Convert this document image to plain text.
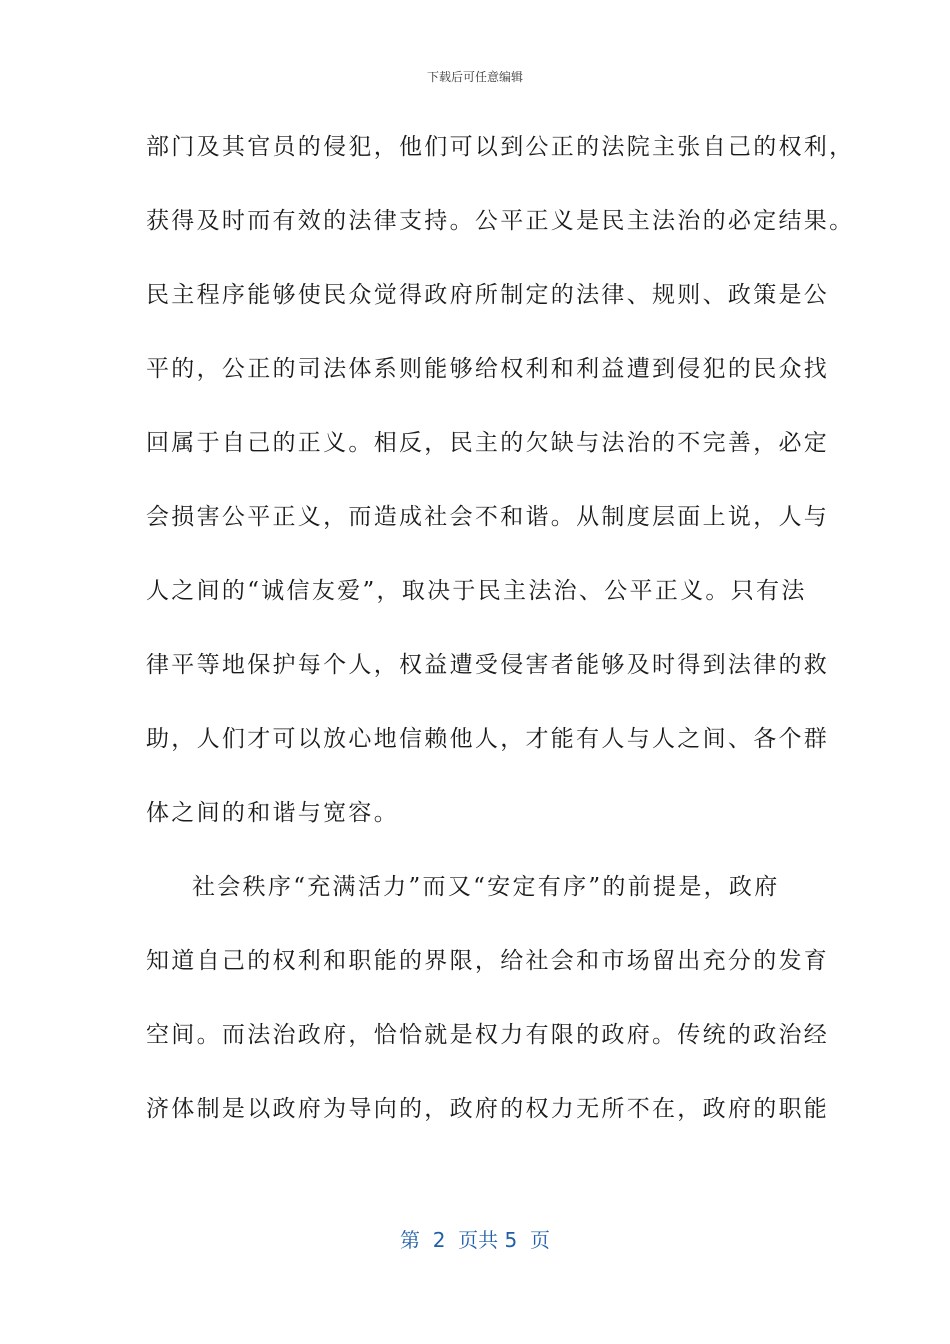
下载后可任意编辑
部门及其官员的侵犯，他们可以到公正的法院主张自己的权利，
获得及时而有效的法律支持。公平正义是民主法治的必定结果。
民主程序能够使民众觉得政府所制定的法律、规则、政策是公
平的，公正的司法体系则能够给权利和利益遭到侵犯的民众找
回属于自己的正义。相反，民主的欠缺与法治的不完善，必定
会损害公平正义，而造成社会不和谐。从制度层面上说，人与
人之间的“诚信友爱”，取决于民主法治、公平正义。只有法
律平等地保护每个人，权益遭受侵害者能够及时得到法律的救
助，人们才可以放心地信赖他人，才能有人与人之间、各个群
体之间的和谐与宽容。
社会秩序“充满活力”而又“安定有序”的前提是，政府
知道自己的权利和职能的界限，给社会和市场留出充分的发育
空间。而法治政府，恰恰就是权力有限的政府。传统的政治经
济体制是以政府为导向的，政府的权力无所不在，政府的职能
第  2  页共 5  页
